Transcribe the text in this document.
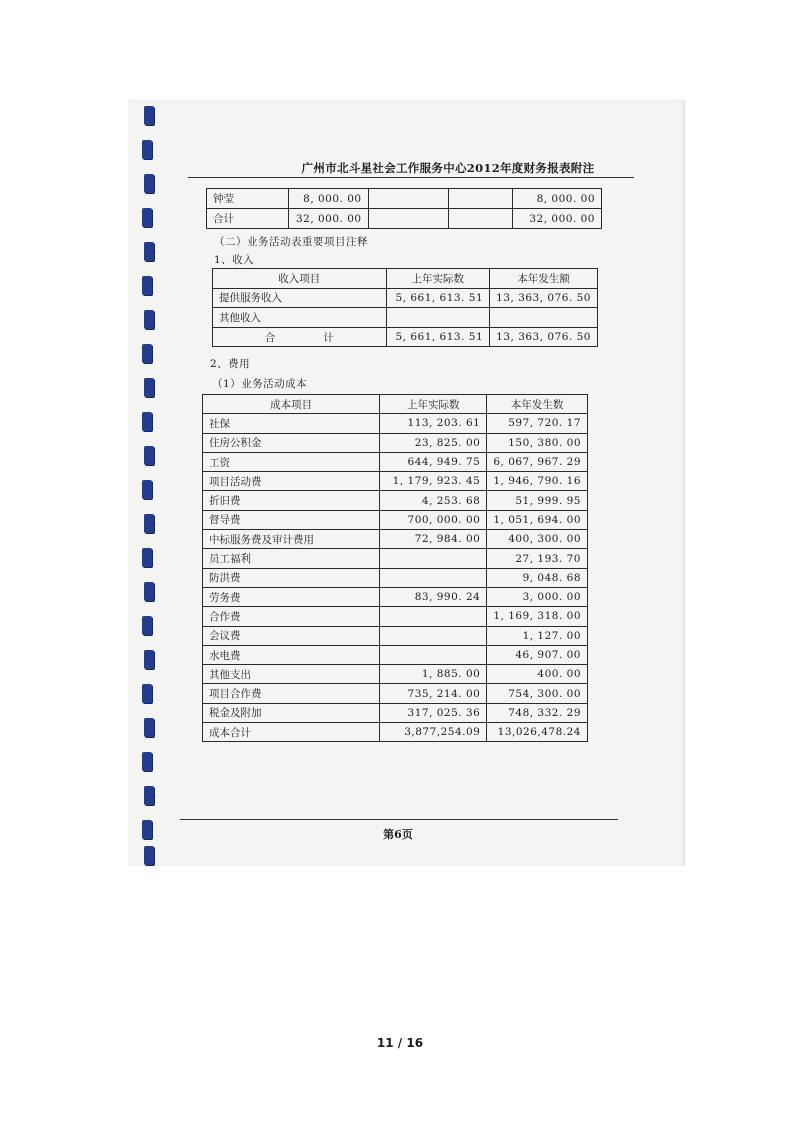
广州市北斗星社会工作服务中心2012年度财务报表附注
钟莹	8, 000. 00			8, 000. 00
合计	32, 000. 00			32, 000. 00
（二）业务活动表重要项目注释
1、收入
收入项目	上年实际数	本年发生额
提供服务收入	5, 661, 613. 51	13, 363, 076. 50
其他收入		
合 计	5, 661, 613. 51	13, 363, 076. 50
2、费用
（1）业务活动成本
成本项目	上年实际数	本年发生数
社保	113, 203. 61	597, 720. 17
住房公积金	23, 825. 00	150, 380. 00
工资	644, 949. 75	6, 067, 967. 29
项目活动费	1, 179, 923. 45	1, 946, 790. 16
折旧费	4, 253. 68	51, 999. 95
督导费	700, 000. 00	1, 051, 694. 00
中标服务费及审计费用	72, 984. 00	400, 300. 00
员工福利		27, 193. 70
防洪费		9, 048. 68
劳务费	83, 990. 24	3, 000. 00
合作费		1, 169, 318. 00
会议费		1, 127. 00
水电费		46, 907. 00
其他支出	1, 885. 00	400. 00
项目合作费	735, 214. 00	754, 300. 00
税金及附加	317, 025. 36	748, 332. 29
成本合计	3,877,254.09	13,026,478.24
第6页
11 / 16
